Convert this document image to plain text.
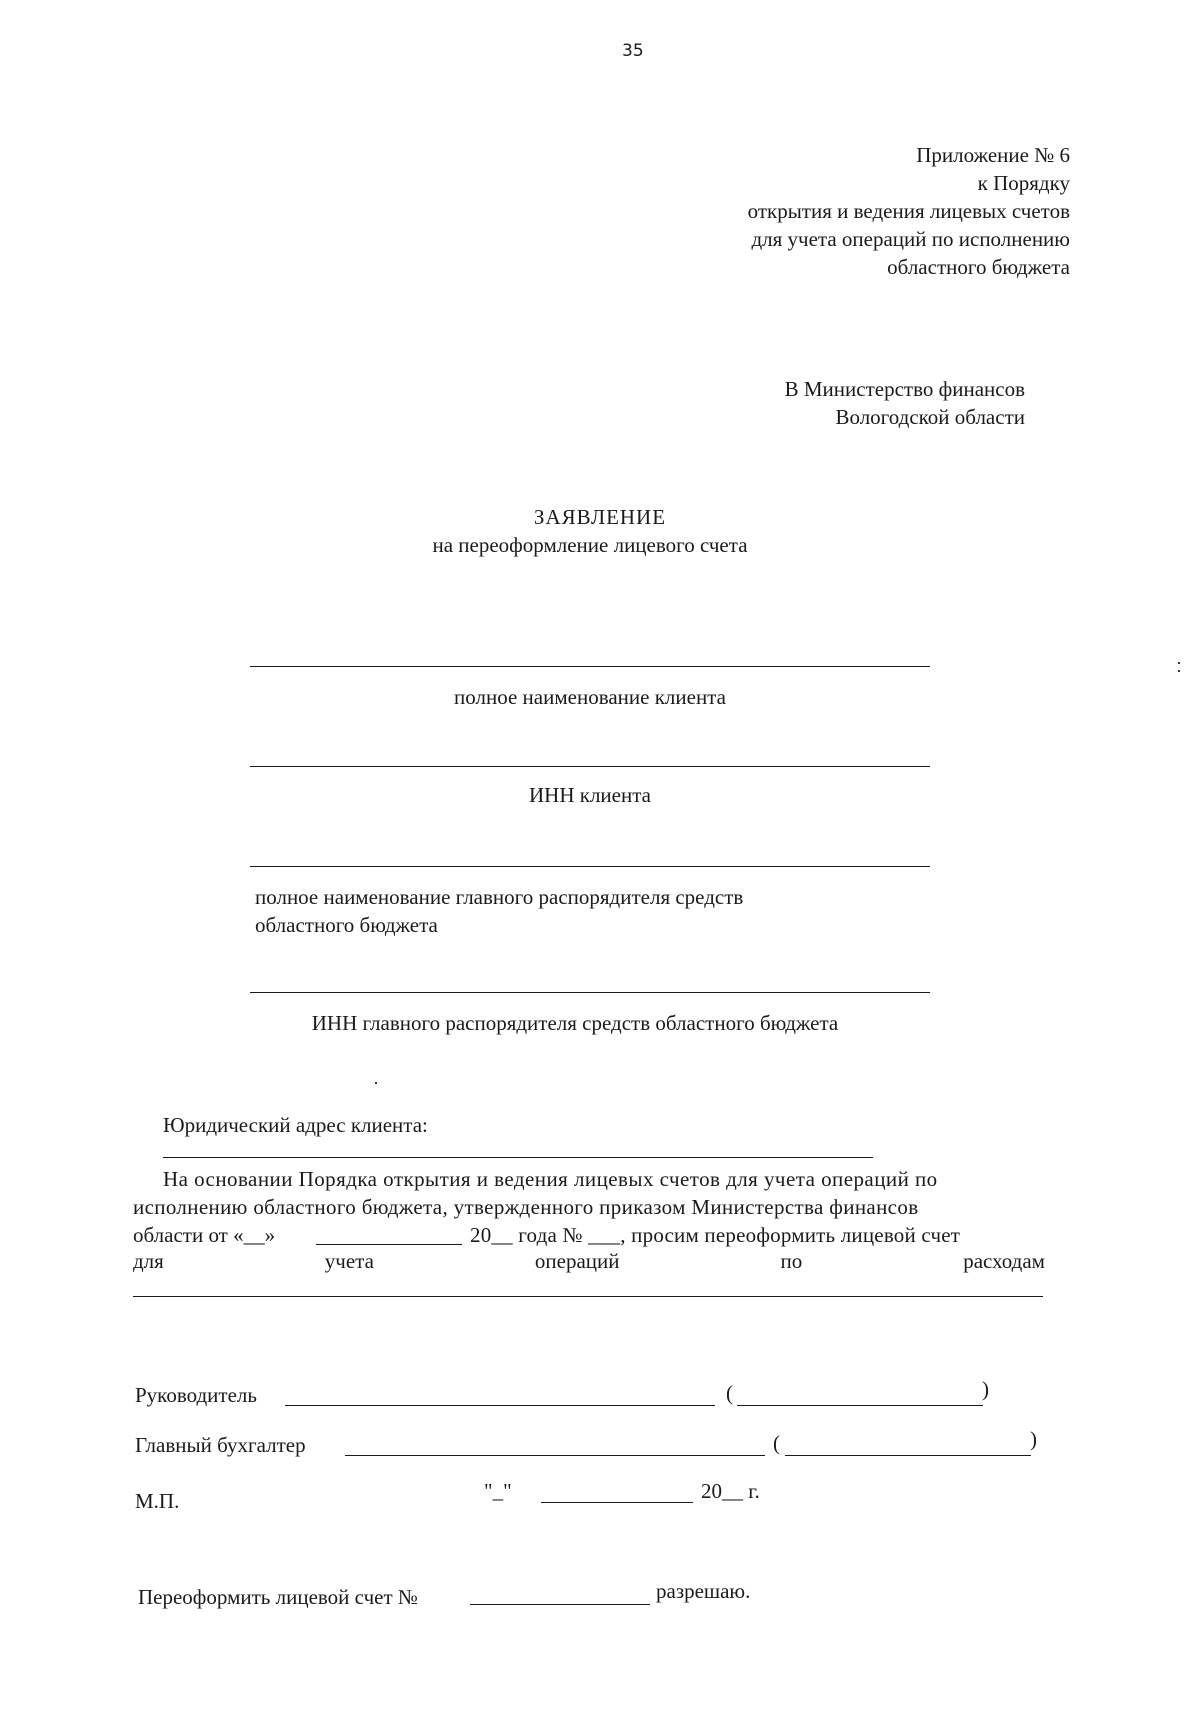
35
Приложение № 6
к Порядку
открытия и ведения лицевых счетов
для учета операций по исполнению
областного бюджета
В Министерство финансов
Вологодской области
ЗАЯВЛЕНИЕ
на переоформление лицевого счета
полное наименование клиента
ИНН клиента
полное наименование главного распорядителя средств
областного бюджета
ИНН главного распорядителя средств областного бюджета
Юридический адрес клиента:
На основании Порядка открытия и ведения лицевых счетов для учета операций по
исполнению областного бюджета, утвержденного приказом Министерства финансов
области от «__»	20__ года № ___, просим переоформить лицевой счет
для	учета	операций	по	расходам
Руководитель	(	)
Главный бухгалтер	(	)
М.П.	"_"	20__ г.
Переоформить лицевой счет №	разрешаю.
